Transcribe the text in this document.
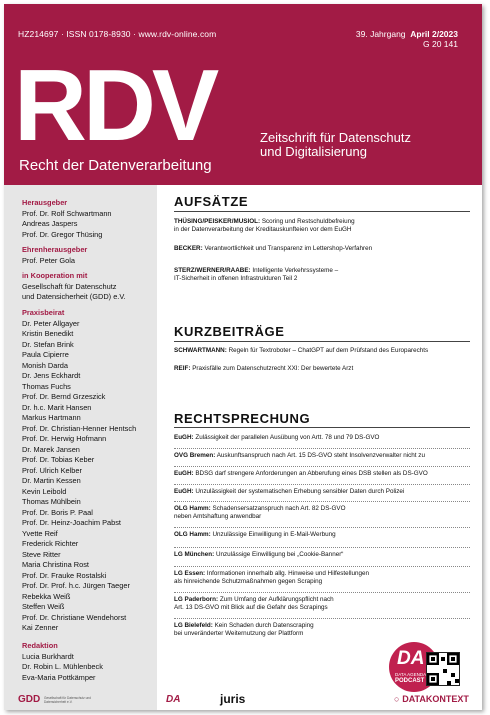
HZ214697 · ISSN 0178-8930 · www.rdv-online.com	39. Jahrgang April 2/2023
G 20 141
RDV
Recht der Datenverarbeitung
Zeitschrift für Datenschutz
und Digitalisierung
Herausgeber
Prof. Dr. Rolf Schwartmann
Andreas Jaspers
Prof. Dr. Gregor Thüsing
Ehrenherausgeber
Prof. Peter Gola
in Kooperation mit
Gesellschaft für Datenschutz
und Datensicherheit (GDD) e.V.
Praxisbeirat
Dr. Peter Allgayer
Kristin Benedikt
Dr. Stefan Brink
Paula Cipierre
Monish Darda
Dr. Jens Eckhardt
Thomas Fuchs
Prof. Dr. Bernd Grzeszick
Dr. h.c. Marit Hansen
Markus Hartmann
Prof. Dr. Christian-Henner Hentsch
Prof. Dr. Herwig Hofmann
Dr. Marek Jansen
Prof. Dr. Tobias Keber
Prof. Ulrich Kelber
Dr. Martin Kessen
Kevin Leibold
Thomas Mühlbein
Prof. Dr. Boris P. Paal
Prof. Dr. Heinz-Joachim Pabst
Yvette Reif
Frederick Richter
Steve Ritter
Maria Christina Rost
Prof. Dr. Frauke Rostalski
Prof. Dr. Prof. h.c. Jürgen Taeger
Rebekka Weiß
Steffen Weiß
Prof. Dr. Christiane Wendehorst
Kai Zenner
Redaktion
Lucia Burkhardt
Dr. Robin L. Mühlenbeck
Eva-Maria Pottkämper
AUFSÄTZE
THÜSING/PEISKER/MUSIOL: Scoring und Restschuldbefreiung
in der Datenverarbeitung der Kreditauskunfteien vor dem EuGH
BECKER: Verantwortlichkeit und Transparenz im Lettershop-Verfahren
STERZ/WERNER/RAABE: Intelligente Verkehrssysteme –
IT-Sicherheit in offenen Infrastrukturen Teil 2
KURZBEITRÄGE
SCHWARTMANN: Regeln für Textroboter – ChatGPT auf dem Prüfstand des Europarechts
REIF: Praxisfälle zum Datenschutzrecht XXI: Der bewertete Arzt
RECHTSPRECHUNG
EuGH: Zulässigkeit der parallelen Ausübung von Artt. 78 und 79 DS-GVO
OVG Bremen: Auskunftsanspruch nach Art. 15 DS-GVO steht Insolvenzverwalter nicht zu
EuGH: BDSG darf strengere Anforderungen an Abberufung eines DSB stellen als DS-GVO
EuGH: Unzulässigkeit der systematischen Erhebung sensibler Daten durch Polizei
OLG Hamm: Schadensersatzanspruch nach Art. 82 DS-GVO
neben Amtshaftung anwendbar
OLG Hamm: Unzulässige Einwilligung in E-Mail-Werbung
LG München: Unzulässige Einwilligung bei „Cookie-Banner“
LG Essen: Informationen innerhalb allg. Hinweise und Hilfestellungen
als hinreichende Schutzmaßnahmen gegen Scraping
LG Paderborn: Zum Umfang der Aufklärungspflicht nach
Art. 13 DS-GVO mit Blick auf die Gefahr des Scrapings
LG Bielefeld: Kein Schaden durch Datenscraping
bei unveränderter Weiternutzung der Plattform
DA
DATA AGENDA
PODCAST
GDD Gesellschaft für Datenschutz und Datensicherheit e.V.	DA	juris	○ DATAKONTEXT
